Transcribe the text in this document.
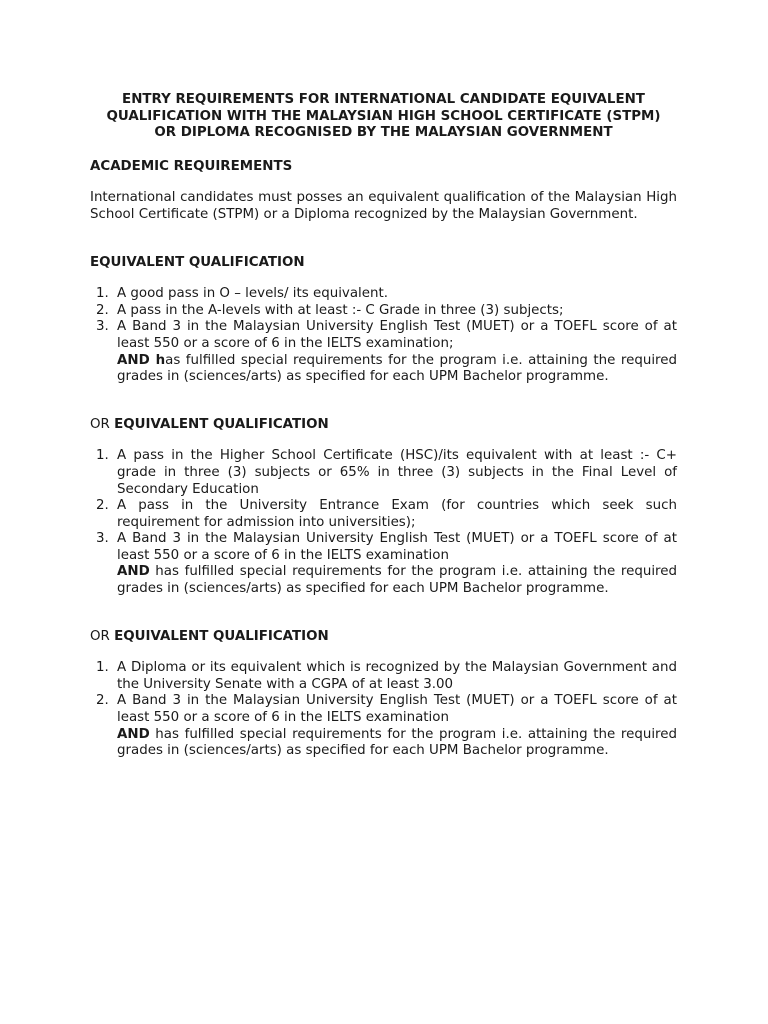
ENTRY REQUIREMENTS FOR INTERNATIONAL CANDIDATE EQUIVALENT
QUALIFICATION WITH THE MALAYSIAN HIGH SCHOOL CERTIFICATE (STPM)
OR DIPLOMA RECOGNISED BY THE MALAYSIAN GOVERNMENT
ACADEMIC REQUIREMENTS
International candidates must posses an equivalent qualification of the Malaysian High School Certificate (STPM) or a Diploma recognized by the Malaysian Government.
EQUIVALENT QUALIFICATION
1. A good pass in O – levels/ its equivalent.
2. A pass in the A-levels with at least :- C Grade in three (3) subjects;
3. A Band 3 in the Malaysian University English Test (MUET) or a TOEFL score of at least 550 or a score of 6 in the IELTS examination;
AND has fulfilled special requirements for the program i.e. attaining the required grades in (sciences/arts) as specified for each UPM Bachelor programme.
OR EQUIVALENT QUALIFICATION
1. A pass in the Higher School Certificate (HSC)/its equivalent with at least :- C+ grade in three (3) subjects or 65% in three (3) subjects in the Final Level of Secondary Education
2. A pass in the University Entrance Exam (for countries which seek such requirement for admission into universities);
3. A Band 3 in the Malaysian University English Test (MUET) or a TOEFL score of at least 550 or a score of 6 in the IELTS examination
AND has fulfilled special requirements for the program i.e. attaining the required grades in (sciences/arts) as specified for each UPM Bachelor programme.
OR EQUIVALENT QUALIFICATION
1. A Diploma or its equivalent which is recognized by the Malaysian Government and the University Senate with a CGPA of at least 3.00
2. A Band 3 in the Malaysian University English Test (MUET) or a TOEFL score of at least 550 or a score of 6 in the IELTS examination
AND has fulfilled special requirements for the program i.e. attaining the required grades in (sciences/arts) as specified for each UPM Bachelor programme.
